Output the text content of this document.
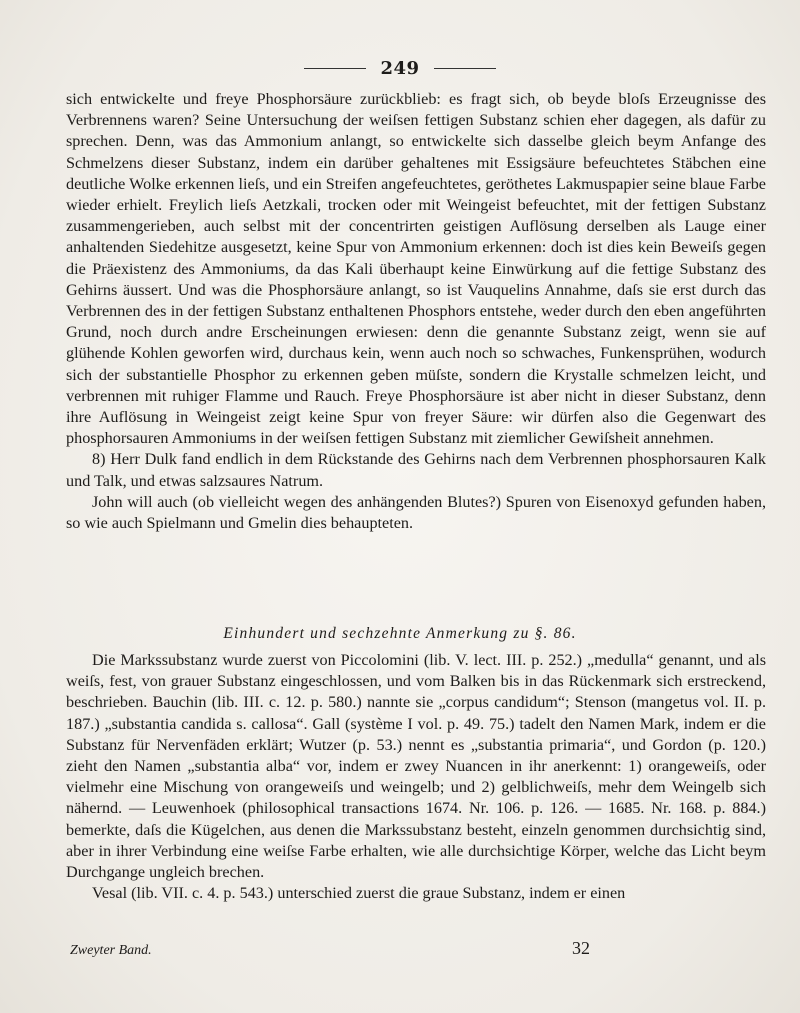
249

sich entwickelte und freye Phosphorsäure zurückblieb: es fragt sich, ob beyde bloſs Erzeugnisse des Verbrennens waren? Seine Untersuchung der weiſsen fettigen Substanz schien eher dagegen, als dafür zu sprechen. Denn, was das Ammonium anlangt, so entwickelte sich dasselbe gleich beym Anfange des Schmelzens dieser Substanz, indem ein darüber gehaltenes mit Essigsäure befeuchtetes Stäbchen eine deutliche Wolke erkennen lieſs, und ein Streifen angefeuchtetes, geröthetes Lakmuspapier seine blaue Farbe wieder erhielt. Freylich lieſs Aetzkali, trocken oder mit Weingeist befeuchtet, mit der fettigen Substanz zusammengerieben, auch selbst mit der concentrirten geistigen Auflösung derselben als Lauge einer anhaltenden Siedehitze ausgesetzt, keine Spur von Ammonium erkennen: doch ist dies kein Beweiſs gegen die Präexistenz des Ammoniums, da das Kali überhaupt keine Einwürkung auf die fettige Substanz des Gehirns äussert. Und was die Phosphorsäure anlangt, so ist Vauquelins Annahme, daſs sie erst durch das Verbrennen des in der fettigen Substanz enthaltenen Phosphors entstehe, weder durch den eben angeführten Grund, noch durch andre Erscheinungen erwiesen: denn die genannte Substanz zeigt, wenn sie auf glühende Kohlen geworfen wird, durchaus kein, wenn auch noch so schwaches, Funkensprühen, wodurch sich der substantielle Phosphor zu erkennen geben müſste, sondern die Krystalle schmelzen leicht, und verbrennen mit ruhiger Flamme und Rauch. Freye Phosphorsäure ist aber nicht in dieser Substanz, denn ihre Auflösung in Weingeist zeigt keine Spur von freyer Säure: wir dürfen also die Gegenwart des phosphorsauren Ammoniums in der weiſsen fettigen Substanz mit ziemlicher Gewiſsheit annehmen.

8) Herr Dulk fand endlich in dem Rückstande des Gehirns nach dem Verbrennen phosphorsauren Kalk und Talk, und etwas salzsaures Natrum.

John will auch (ob vielleicht wegen des anhängenden Blutes?) Spuren von Eisenoxyd gefunden haben, so wie auch Spielmann und Gmelin dies behaupteten.

Einhundert und sechzehnte Anmerkung zu §. 86.

Die Markssubstanz wurde zuerst von Piccolomini (lib. V. lect. III. p. 252.) „medulla“ genannt, und als weiſs, fest, von grauer Substanz eingeschlossen, und vom Balken bis in das Rückenmark sich erstreckend, beschrieben. Bauchin (lib. III. c. 12. p. 580.) nannte sie „corpus candidum“; Stenson (mangetus vol. II. p. 187.) „substantia candida s. callosa“. Gall (système I vol. p. 49. 75.) tadelt den Namen Mark, indem er die Substanz für Nervenfäden erklärt; Wutzer (p. 53.) nennt es „substantia primaria“, und Gordon (p. 120.) zieht den Namen „substantia alba“ vor, indem er zwey Nuancen in ihr anerkennt: 1) orangeweiſs, oder vielmehr eine Mischung von orangeweiſs und weingelb; und 2) gelblichweiſs, mehr dem Weingelb sich nähernd. — Leuwenhoek (philosophical transactions 1674. Nr. 106. p. 126. — 1685. Nr. 168. p. 884.) bemerkte, daſs die Kügelchen, aus denen die Markssubstanz besteht, einzeln genommen durchsichtig sind, aber in ihrer Verbindung eine weiſse Farbe erhalten, wie alle durchsichtige Körper, welche das Licht beym Durchgange ungleich brechen.

Vesal (lib. VII. c. 4. p. 543.) unterschied zuerst die graue Substanz, indem er einen

Zweyter Band.	32
